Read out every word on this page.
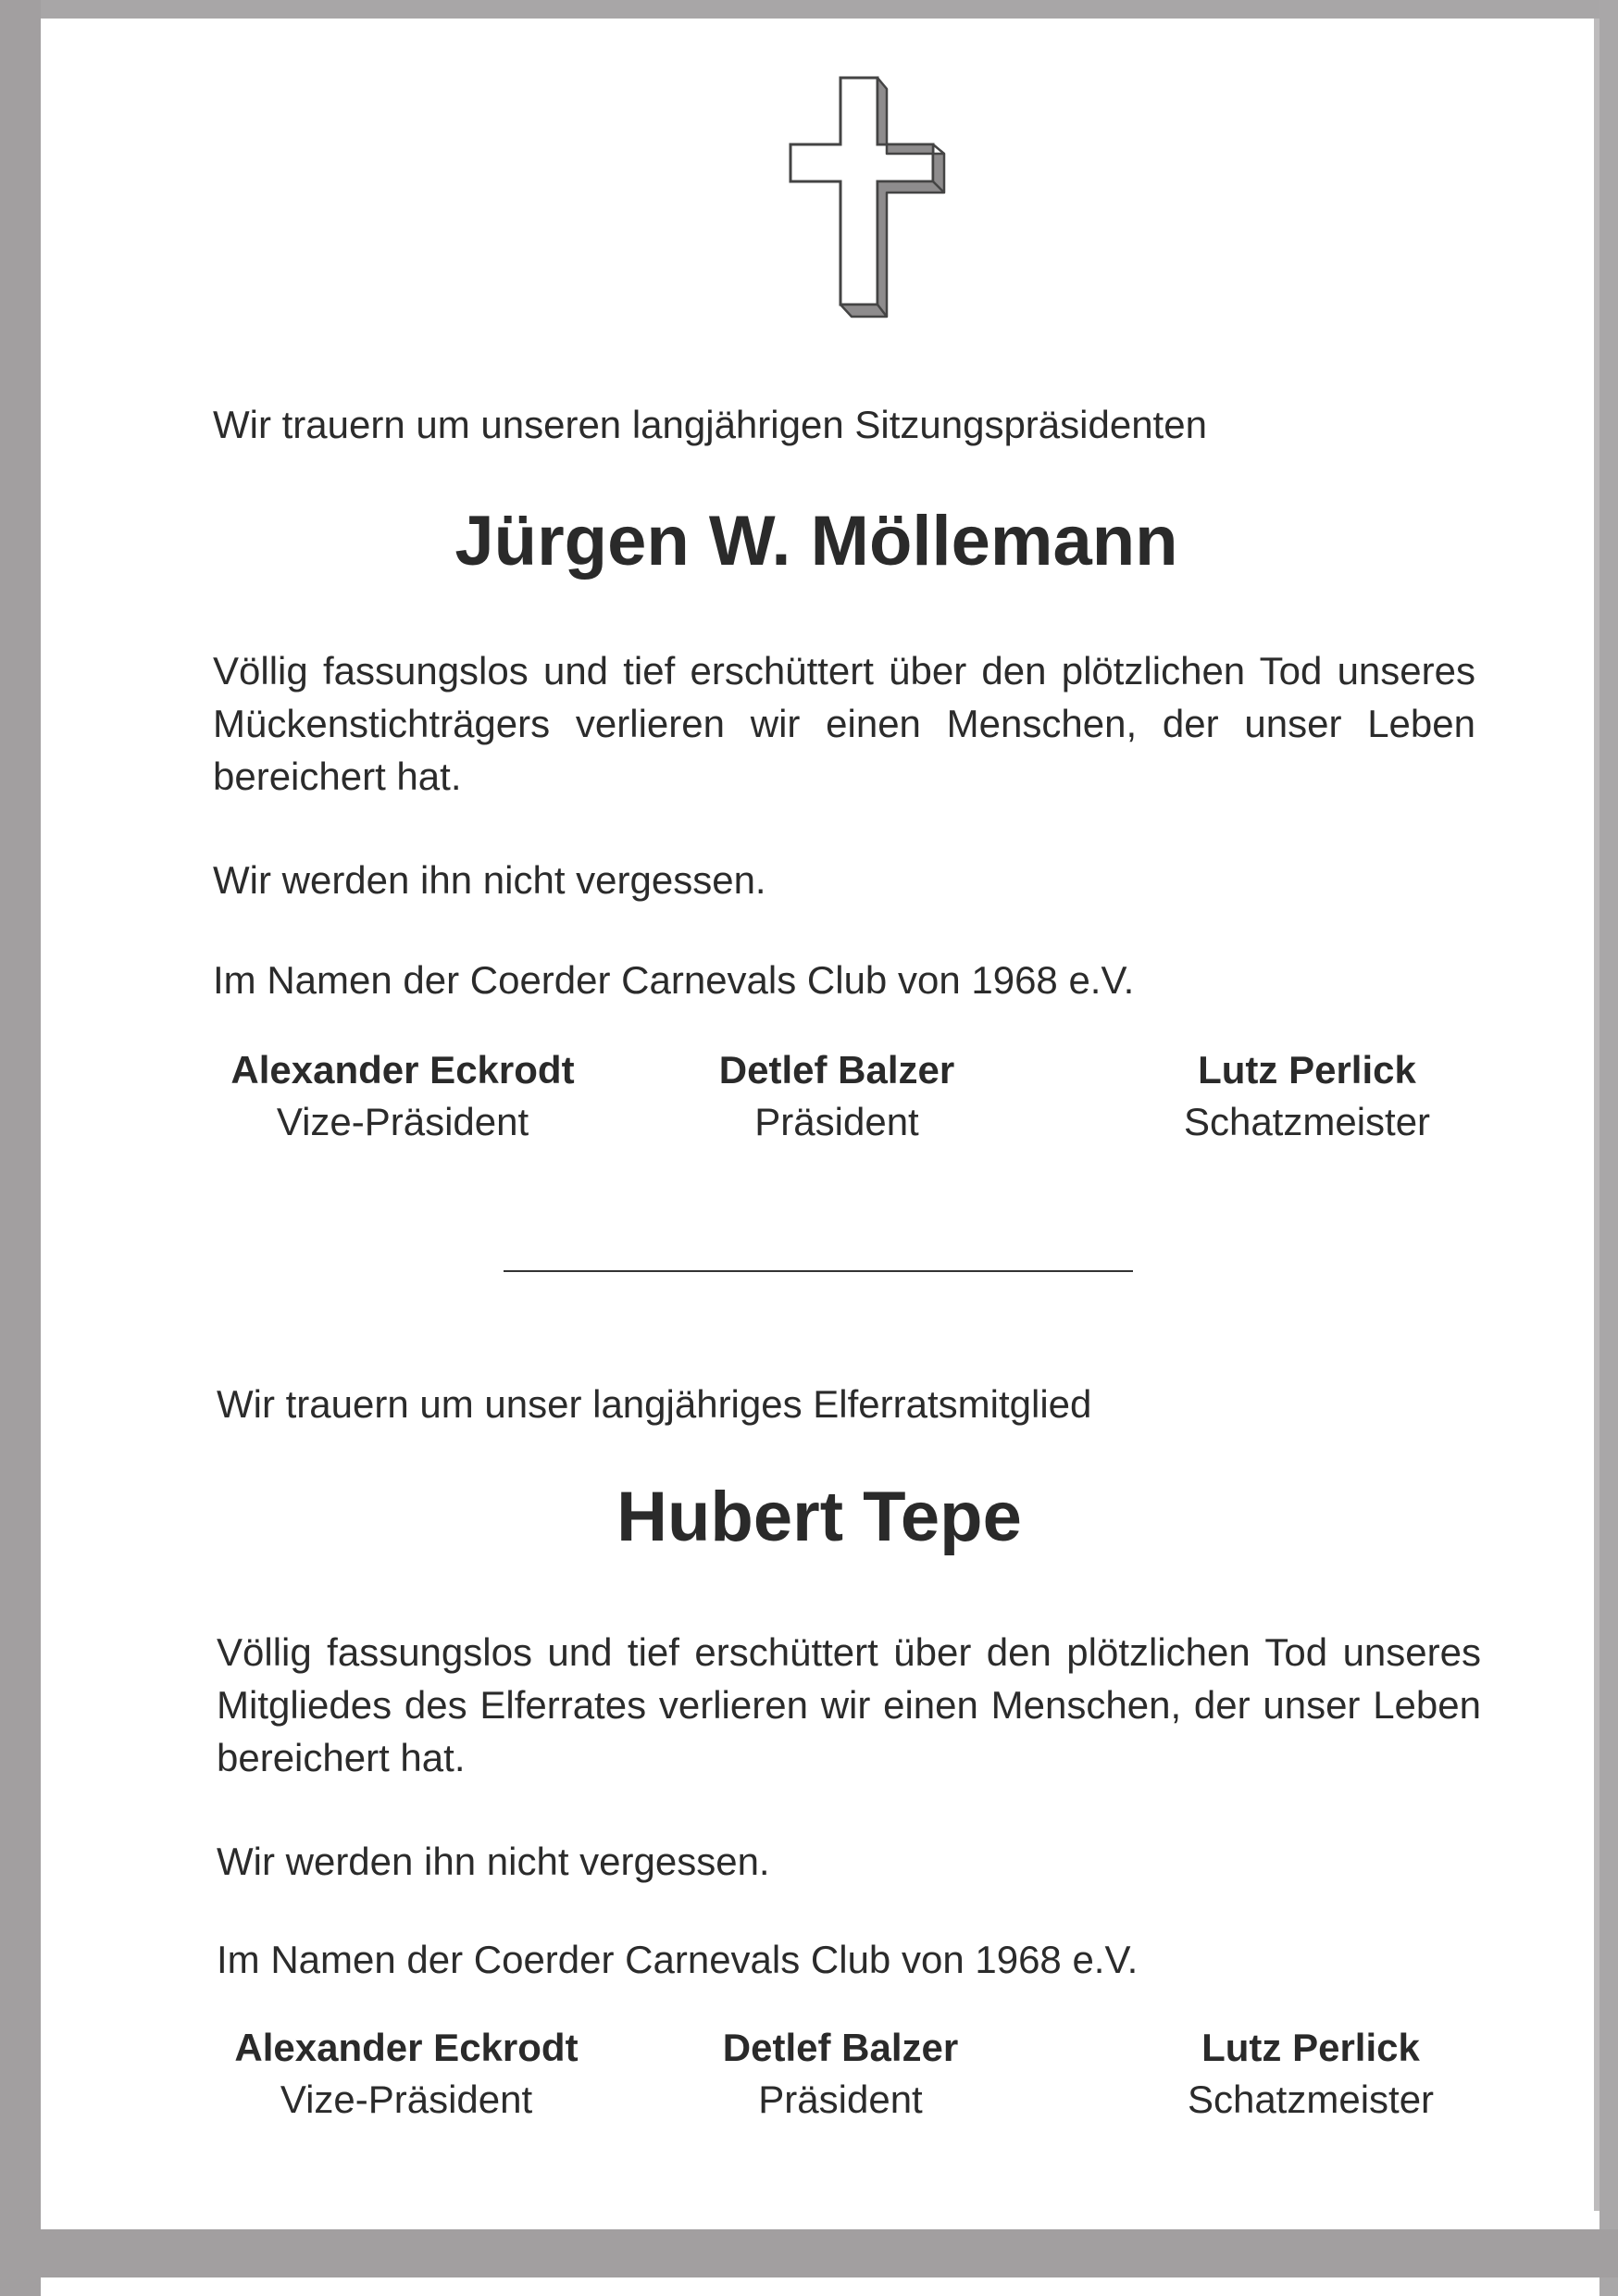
Wir trauern um unseren langjährigen Sitzungspräsidenten
Jürgen W. Möllemann
Völlig fassungslos und tief erschüttert über den plötzlichen Tod unseres Mückenstichträgers verlieren wir einen Menschen, der unser Leben bereichert hat.
Wir werden ihn nicht vergessen.
Im Namen der Coerder Carnevals Club von 1968 e.V.
Alexander Eckrodt
Vize-Präsident
Detlef Balzer
Präsident
Lutz Perlick
Schatzmeister
Wir trauern um unser langjähriges Elferratsmitglied
Hubert Tepe
Völlig fassungslos und tief erschüttert über den plötzlichen Tod unseres Mitgliedes des Elferrates verlieren wir einen Menschen, der unser Leben bereichert hat.
Wir werden ihn nicht vergessen.
Im Namen der Coerder Carnevals Club von 1968 e.V.
Alexander Eckrodt
Vize-Präsident
Detlef Balzer
Präsident
Lutz Perlick
Schatzmeister
